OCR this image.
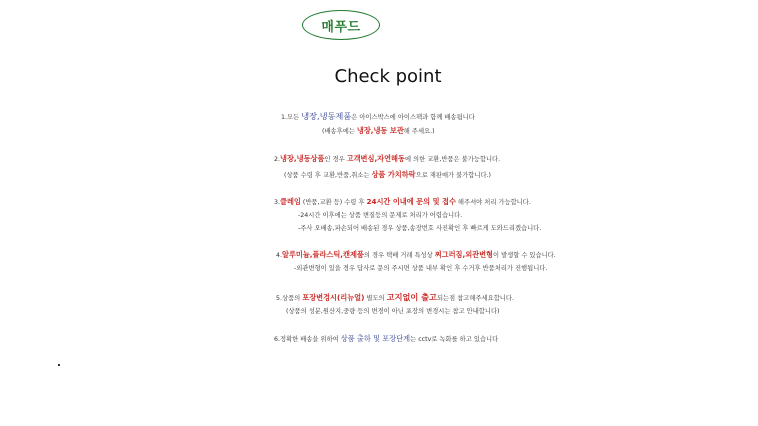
매푸드
Check point
1.모든 냉장,냉동제품은 아이스박스에 아이스팩과 함께 배송됩니다
(배송후에는 냉장,냉동 보관해 주세요.)
2.냉장,냉동상품인 경우 고객변심,자연해동에 의한 교환,반품은 불가능합니다.
(상품 수령 후 교환,반품,취소는 상품 가치하락으로 재판매가 불가합니다.)
3.클레임 (반품,교환 등) 수령 후 24시간 이내에 문의 및 접수 해주셔야 처리 가능합니다.
-24시간 이후에는 상품 변질등의 문제로 처리가 어렵습니다.
-주사 오배송,파손되어 배송된 경우 상품,송장번호 사진확인 후 빠르게 도와드리겠습니다.
4.알루미늄,플라스틱,캔제품의 경우 택배 거래 특성상 찌그러짐,외관변형이 발생할 수 있습니다.
-외관변형이 있을 경우 답사로 문의 주시면 상품 내부 확인 후 수거후 반품처리가 진행됩니다.
5.상품의 포장변경시(리뉴얼) 별도의 고지없이 출고되는점 참고해주세요합니다.
(상품의 성분,원산지,중량 등의 변경이 아닌 포장의 변경시는 참고 안내합니다)
6.정확한 배송을 위하여 상품 출하 및 포장단계는 cctv로 녹화를 하고 있습니다
